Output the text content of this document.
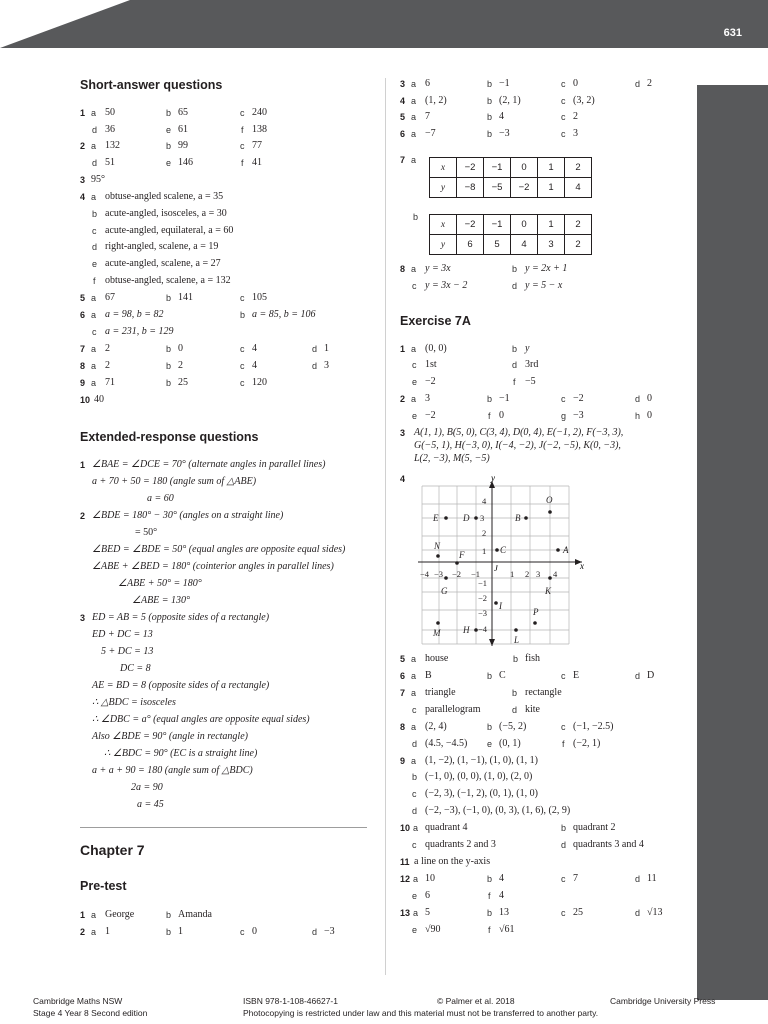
631
Short-answer questions
1 a 50	b 65	c 240
d 36	e 61	f 138
2 a 132	b 99	c 77
d 51	e 146	f 41
3 95°
4 a obtuse-angled scalene, a = 35
b acute-angled, isosceles, a = 30
c acute-angled, equilateral, a = 60
d right-angled, scalene, a = 19
e acute-angled, scalene, a = 27
f obtuse-angled, scalene, a = 132
5 a 67	b 141	c 105
6 a a = 98, b = 82	b a = 85, b = 106
c a = 231, b = 129
7 a 2	b 0	c 4	d 1
8 a 2	b 2	c 4	d 3
9 a 71	b 25	c 120
10 40
Extended-response questions
1 ∠BAE = ∠DCE = 70° (alternate angles in parallel lines)
a + 70 + 50 = 180 (angle sum of △ABE)
a = 60
2 ∠BDE = 180° − 30° (angles on a straight line)
= 50°
∠BED = ∠BDE = 50° (equal angles are opposite equal sides)
∠ABE + ∠BED = 180° (cointerior angles in parallel lines)
∠ABE + 50° = 180°
∠ABE = 130°
3 ED = AB = 5 (opposite sides of a rectangle)
ED + DC = 13
5 + DC = 13
DC = 8
AE = BD = 8 (opposite sides of a rectangle)
∴ △BDC = isosceles
∴ ∠DBC = a° (equal angles are opposite equal sides)
Also ∠BDE = 90° (angle in rectangle)
∴ ∠BDC = 90° (EC is a straight line)
a + a + 90 = 180 (angle sum of △BDC)
2a = 90
a = 45
Chapter 7
Pre-test
1 a George	b Amanda
2 a 1	b 1	c 0	d −3
3 a 6	b −1	c 0	d 2
4 a (1, 2)	b (2, 1)	c (3, 2)
5 a 7	b 4	c 2
6 a −7	b −3	c 3
7 a
x	−2	−1	0	1	2
y	−8	−5	−2	1	4
b
x	−2	−1	0	1	2
y	6	5	4	3	2
8 a y = 3x	b y = 2x + 1
c y = 3x − 2	d y = 5 − x
Exercise 7A
1 a (0, 0)	b y
c 1st	d 3rd
e −2	f −5
2 a 3	b −1	c −2	d 0
e −2	f 0	g −3	h 0
3 A(1, 1), B(5, 0), C(3, 4), D(0, 4), E(−1, 2), F(−3, 3),
G(−5, 1), H(−3, 0), I(−4, −2), J(−2, −5), K(0, −3),
L(2, −3), M(5, −5)
4
x
y
−4 −3 −2 −1	1 2 3 4
4
3
2
1
−1
−2
−3
−4
J
O
E	D	B
N
F	C	A
G	K
I
P
M	H
L
5 a house	b fish
6 a B	b C	c E	d D
7 a triangle	b rectangle
c parallelogram	d kite
8 a (2, 4)	b (−5, 2)	c (−1, −2.5)
d (4.5, −4.5) e (0, 1)	f (−2, 1)
9 a (1, −2), (1, −1), (1, 0), (1, 1)
b (−1, 0), (0, 0), (1, 0), (2, 0)
c (−2, 3), (−1, 2), (0, 1), (1, 0)
d (−2, −3), (−1, 0), (0, 3), (1, 6), (2, 9)
10 a quadrant 4	b quadrant 2
c quadrants 2 and 3	d quadrants 3 and 4
11 a line on the y-axis
12 a 10	b 4	c 7	d 11
e 6	f 4
13 a 5	b 13	c 25	d √13
e √90	f √61
Cambridge Maths NSW
Stage 4 Year 8 Second edition
ISBN 978-1-108-46627-1	© Palmer et al. 2018	Cambridge University Press
Photocopying is restricted under law and this material must not be transferred to another party.
